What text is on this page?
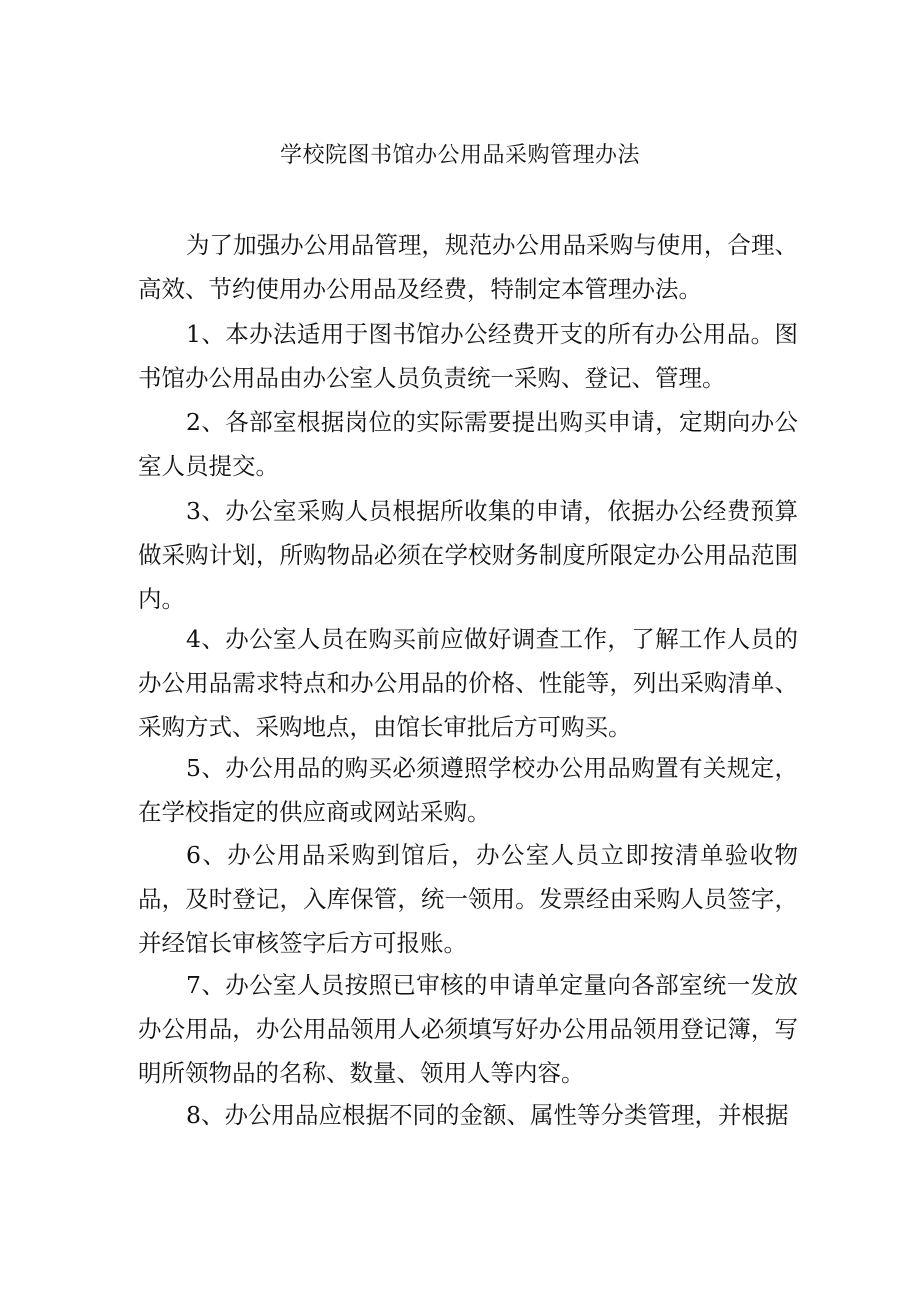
学校院图书馆办公用品采购管理办法

为了加强办公用品管理，规范办公用品采购与使用，合理、高效、节约使用办公用品及经费，特制定本管理办法。

1、本办法适用于图书馆办公经费开支的所有办公用品。图书馆办公用品由办公室人员负责统一采购、登记、管理。

2、各部室根据岗位的实际需要提出购买申请，定期向办公室人员提交。

3、办公室采购人员根据所收集的申请，依据办公经费预算做采购计划，所购物品必须在学校财务制度所限定办公用品范围内。

4、办公室人员在购买前应做好调查工作，了解工作人员的办公用品需求特点和办公用品的价格、性能等，列出采购清单、采购方式、采购地点，由馆长审批后方可购买。

5、办公用品的购买必须遵照学校办公用品购置有关规定，在学校指定的供应商或网站采购。

6、办公用品采购到馆后，办公室人员立即按清单验收物品，及时登记，入库保管，统一领用。发票经由采购人员签字，并经馆长审核签字后方可报账。

7、办公室人员按照已审核的申请单定量向各部室统一发放办公用品，办公用品领用人必须填写好办公用品领用登记簿，写明所领物品的名称、数量、领用人等内容。

8、办公用品应根据不同的金额、属性等分类管理，并根据
